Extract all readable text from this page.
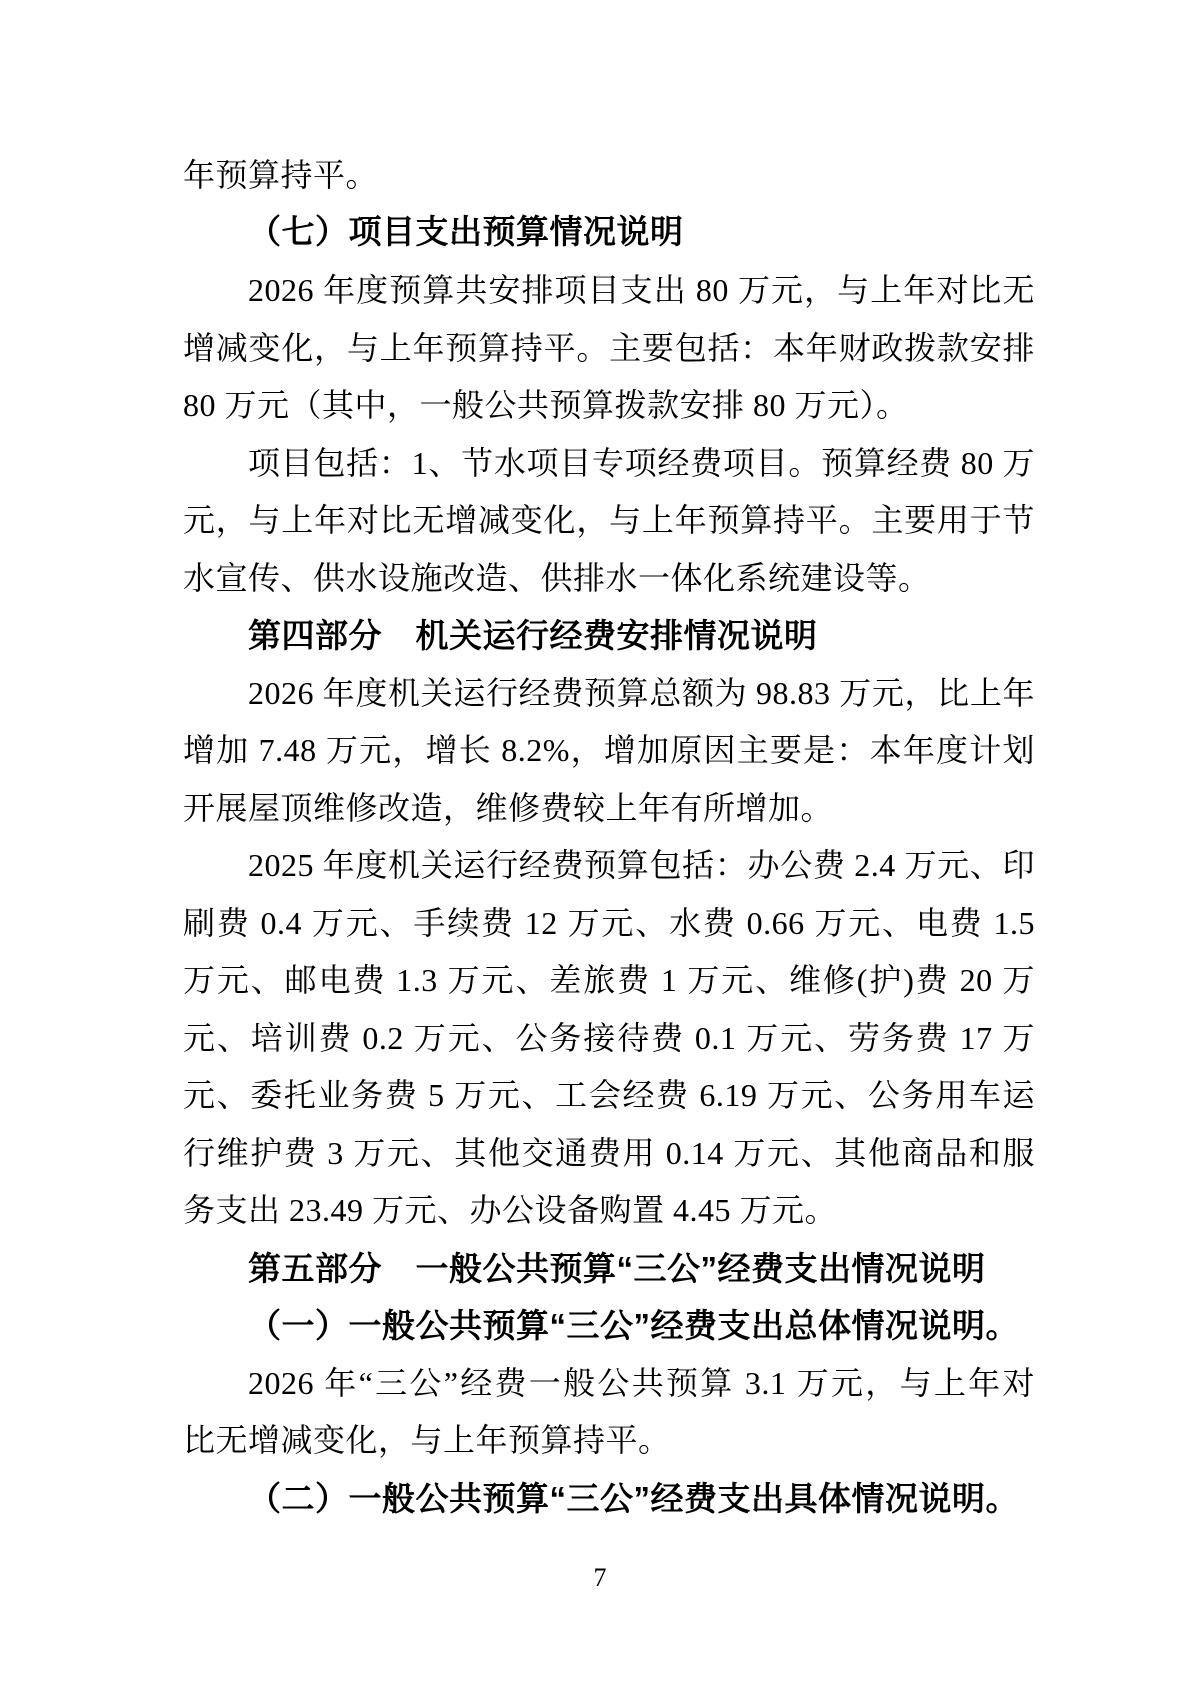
年预算持平。
（七）项目支出预算情况说明
2026 年度预算共安排项目支出 80 万元，与上年对比无
增减变化，与上年预算持平。主要包括：本年财政拨款安排
80 万元（其中，一般公共预算拨款安排 80 万元）。
项目包括：1、节水项目专项经费项目。预算经费 80 万
元，与上年对比无增减变化，与上年预算持平。主要用于节
水宣传、供水设施改造、供排水一体化系统建设等。
第四部分　机关运行经费安排情况说明
2026 年度机关运行经费预算总额为 98.83 万元，比上年
增加 7.48 万元，增长 8.2%，增加原因主要是：本年度计划
开展屋顶维修改造，维修费较上年有所增加。
2025 年度机关运行经费预算包括：办公费 2.4 万元、印
刷费 0.4 万元、手续费 12 万元、水费 0.66 万元、电费 1.5
万元、邮电费 1.3 万元、差旅费 1 万元、维修(护)费 20 万
元、培训费 0.2 万元、公务接待费 0.1 万元、劳务费 17 万
元、委托业务费 5 万元、工会经费 6.19 万元、公务用车运
行维护费 3 万元、其他交通费用 0.14 万元、其他商品和服
务支出 23.49 万元、办公设备购置 4.45 万元。
第五部分　一般公共预算“三公”经费支出情况说明
（一）一般公共预算“三公”经费支出总体情况说明。
2026 年“三公”经费一般公共预算 3.1 万元，与上年对
比无增减变化，与上年预算持平。
（二）一般公共预算“三公”经费支出具体情况说明。
7
